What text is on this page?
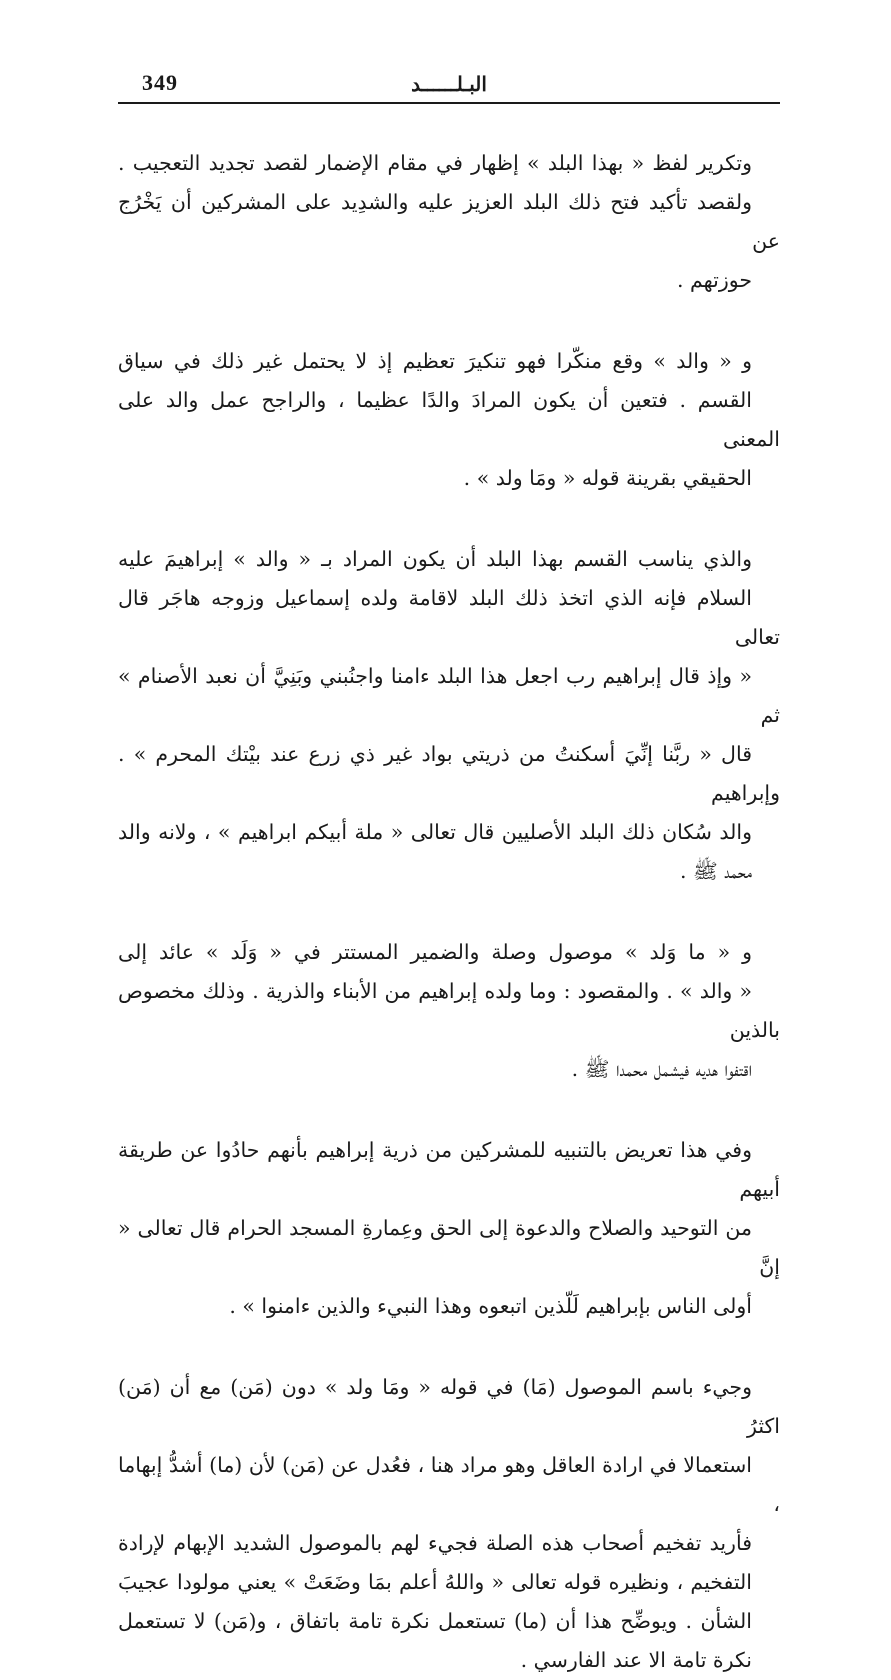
349	البـلــــــد

وتكرير لفظ « بهذا البلد » إظهار في مقام الإضمار لقصد تجديد التعجيب .
ولقصد تأكيد فتح ذلك البلد العزيز عليه والشدِيد على المشركين أن يَخْرُج عن
حوزتهم .

و « والد » وقع منكّرا فهو تنكيرَ تعظيم إذ لا يحتمل غير ذلك في سياق
القسم . فتعين أن يكون المرادَ والدًا عظيما ، والراجح عمل والد على المعنى
الحقيقي بقرينة قوله « ومَا ولد » .

والذي يناسب القسم بهذا البلد أن يكون المراد بـ « والد » إبراهيمَ عليه
السلام فإنه الذي اتخذ ذلك البلد لاقامة ولده إسماعيل وزوجه هاجَر قال تعالى
« وإذ قال إبراهيم رب اجعل هذا البلد ءامنا واجنُبني وبَنِيَّ أن نعبد الأصنام » ثم
قال « ربَّنا إنِّيَ أسكنتُ من ذريتي بواد غير ذي زرع عند بيْتك المحرم » . وإبراهيم
والد سُكان ذلك البلد الأصليين قال تعالى « ملة أبيكم ابراهيم » ، ولانه والد
محمد ﷺ .

و « ما وَلد » موصول وصلة والضمير المستتر في « وَلَد » عائد إلى
« والد » . والمقصود : وما ولده إبراهيم من الأبناء والذرية . وذلك مخصوص بالذين
اقتفوا هديه فيشمل محمدا ﷺ .

وفي هذا تعريض بالتنبيه للمشركين من ذرية إبراهيم بأنهم حادُوا عن طريقة أبيهم
من التوحيد والصلاح والدعوة إلى الحق وعِمارةِ المسجد الحرام قال تعالى « إنَّ
أولى الناس بإبراهيم لَلّذين اتبعوه وهذا النبيء والذين ءامنوا » .

وجيء باسم الموصول (مَا) في قوله « ومَا ولد » دون (مَن) مع أن (مَن) اكثرُ
استعمالا في ارادة العاقل وهو مراد هنا ، فعُدل عن (مَن) لأن (ما) أشدُّ إبهاما ،
فأريد تفخيم أصحاب هذه الصلة فجيء لهم بالموصول الشديد الإبهام لإرادة
التفخيم ، ونظيره قوله تعالى « واللهُ أعلم بمَا وضَعَتْ » يعني مولودا عجيبَ
الشأن . ويوضِّح هذا أن (ما) تستعمل نكرة تامة باتفاق ، و(مَن) لا تستعمل
نكرة تامة الا عند الفارسي .
